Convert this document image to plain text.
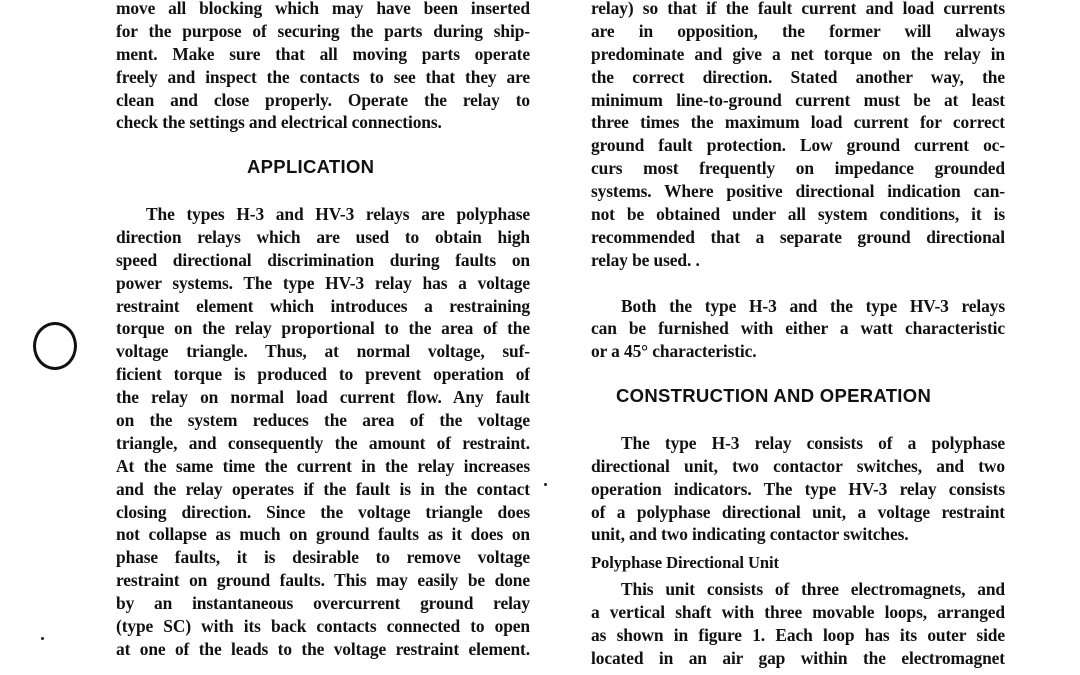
move all blocking which may have been inserted
for the purpose of securing the parts during ship-
ment. Make sure that all moving parts operate
freely and inspect the contacts to see that they are
clean and close properly. Operate the relay to
check the settings and electrical connections.
APPLICATION
The types H-3 and HV-3 relays are polyphase
direction relays which are used to obtain high
speed directional discrimination during faults on
power systems. The type HV-3 relay has a voltage
restraint element which introduces a restraining
torque on the relay proportional to the area of the
voltage triangle. Thus, at normal voltage, suf-
ficient torque is produced to prevent operation of
the relay on normal load current flow. Any fault
on the system reduces the area of the voltage
triangle, and consequently the amount of restraint.
At the same time the current in the relay increases
and the relay operates if the fault is in the contact
closing direction. Since the voltage triangle does
not collapse as much on ground faults as it does on
phase faults, it is desirable to remove voltage
restraint on ground faults. This may easily be done
by an instantaneous overcurrent ground relay
(type SC) with its back contacts connected to open
at one of the leads to the voltage restraint element.
relay) so that if the fault current and load currents
are in opposition, the former will always
predominate and give a net torque on the relay in
the correct direction. Stated another way, the
minimum line-to-ground current must be at least
three times the maximum load current for correct
ground fault protection. Low ground current oc-
curs most frequently on impedance grounded
systems. Where positive directional indication can-
not be obtained under all system conditions, it is
recommended that a separate ground directional
relay be used. .
Both the type H-3 and the type HV-3 relays
can be furnished with either a watt characteristic
or a 45° characteristic.
CONSTRUCTION AND OPERATION
The type H-3 relay consists of a polyphase
directional unit, two contactor switches, and two
operation indicators. The type HV-3 relay consists
of a polyphase directional unit, a voltage restraint
unit, and two indicating contactor switches.
Polyphase Directional Unit
This unit consists of three electromagnets, and
a vertical shaft with three movable loops, arranged
as shown in figure 1. Each loop has its outer side
located in an air gap within the electromagnet
